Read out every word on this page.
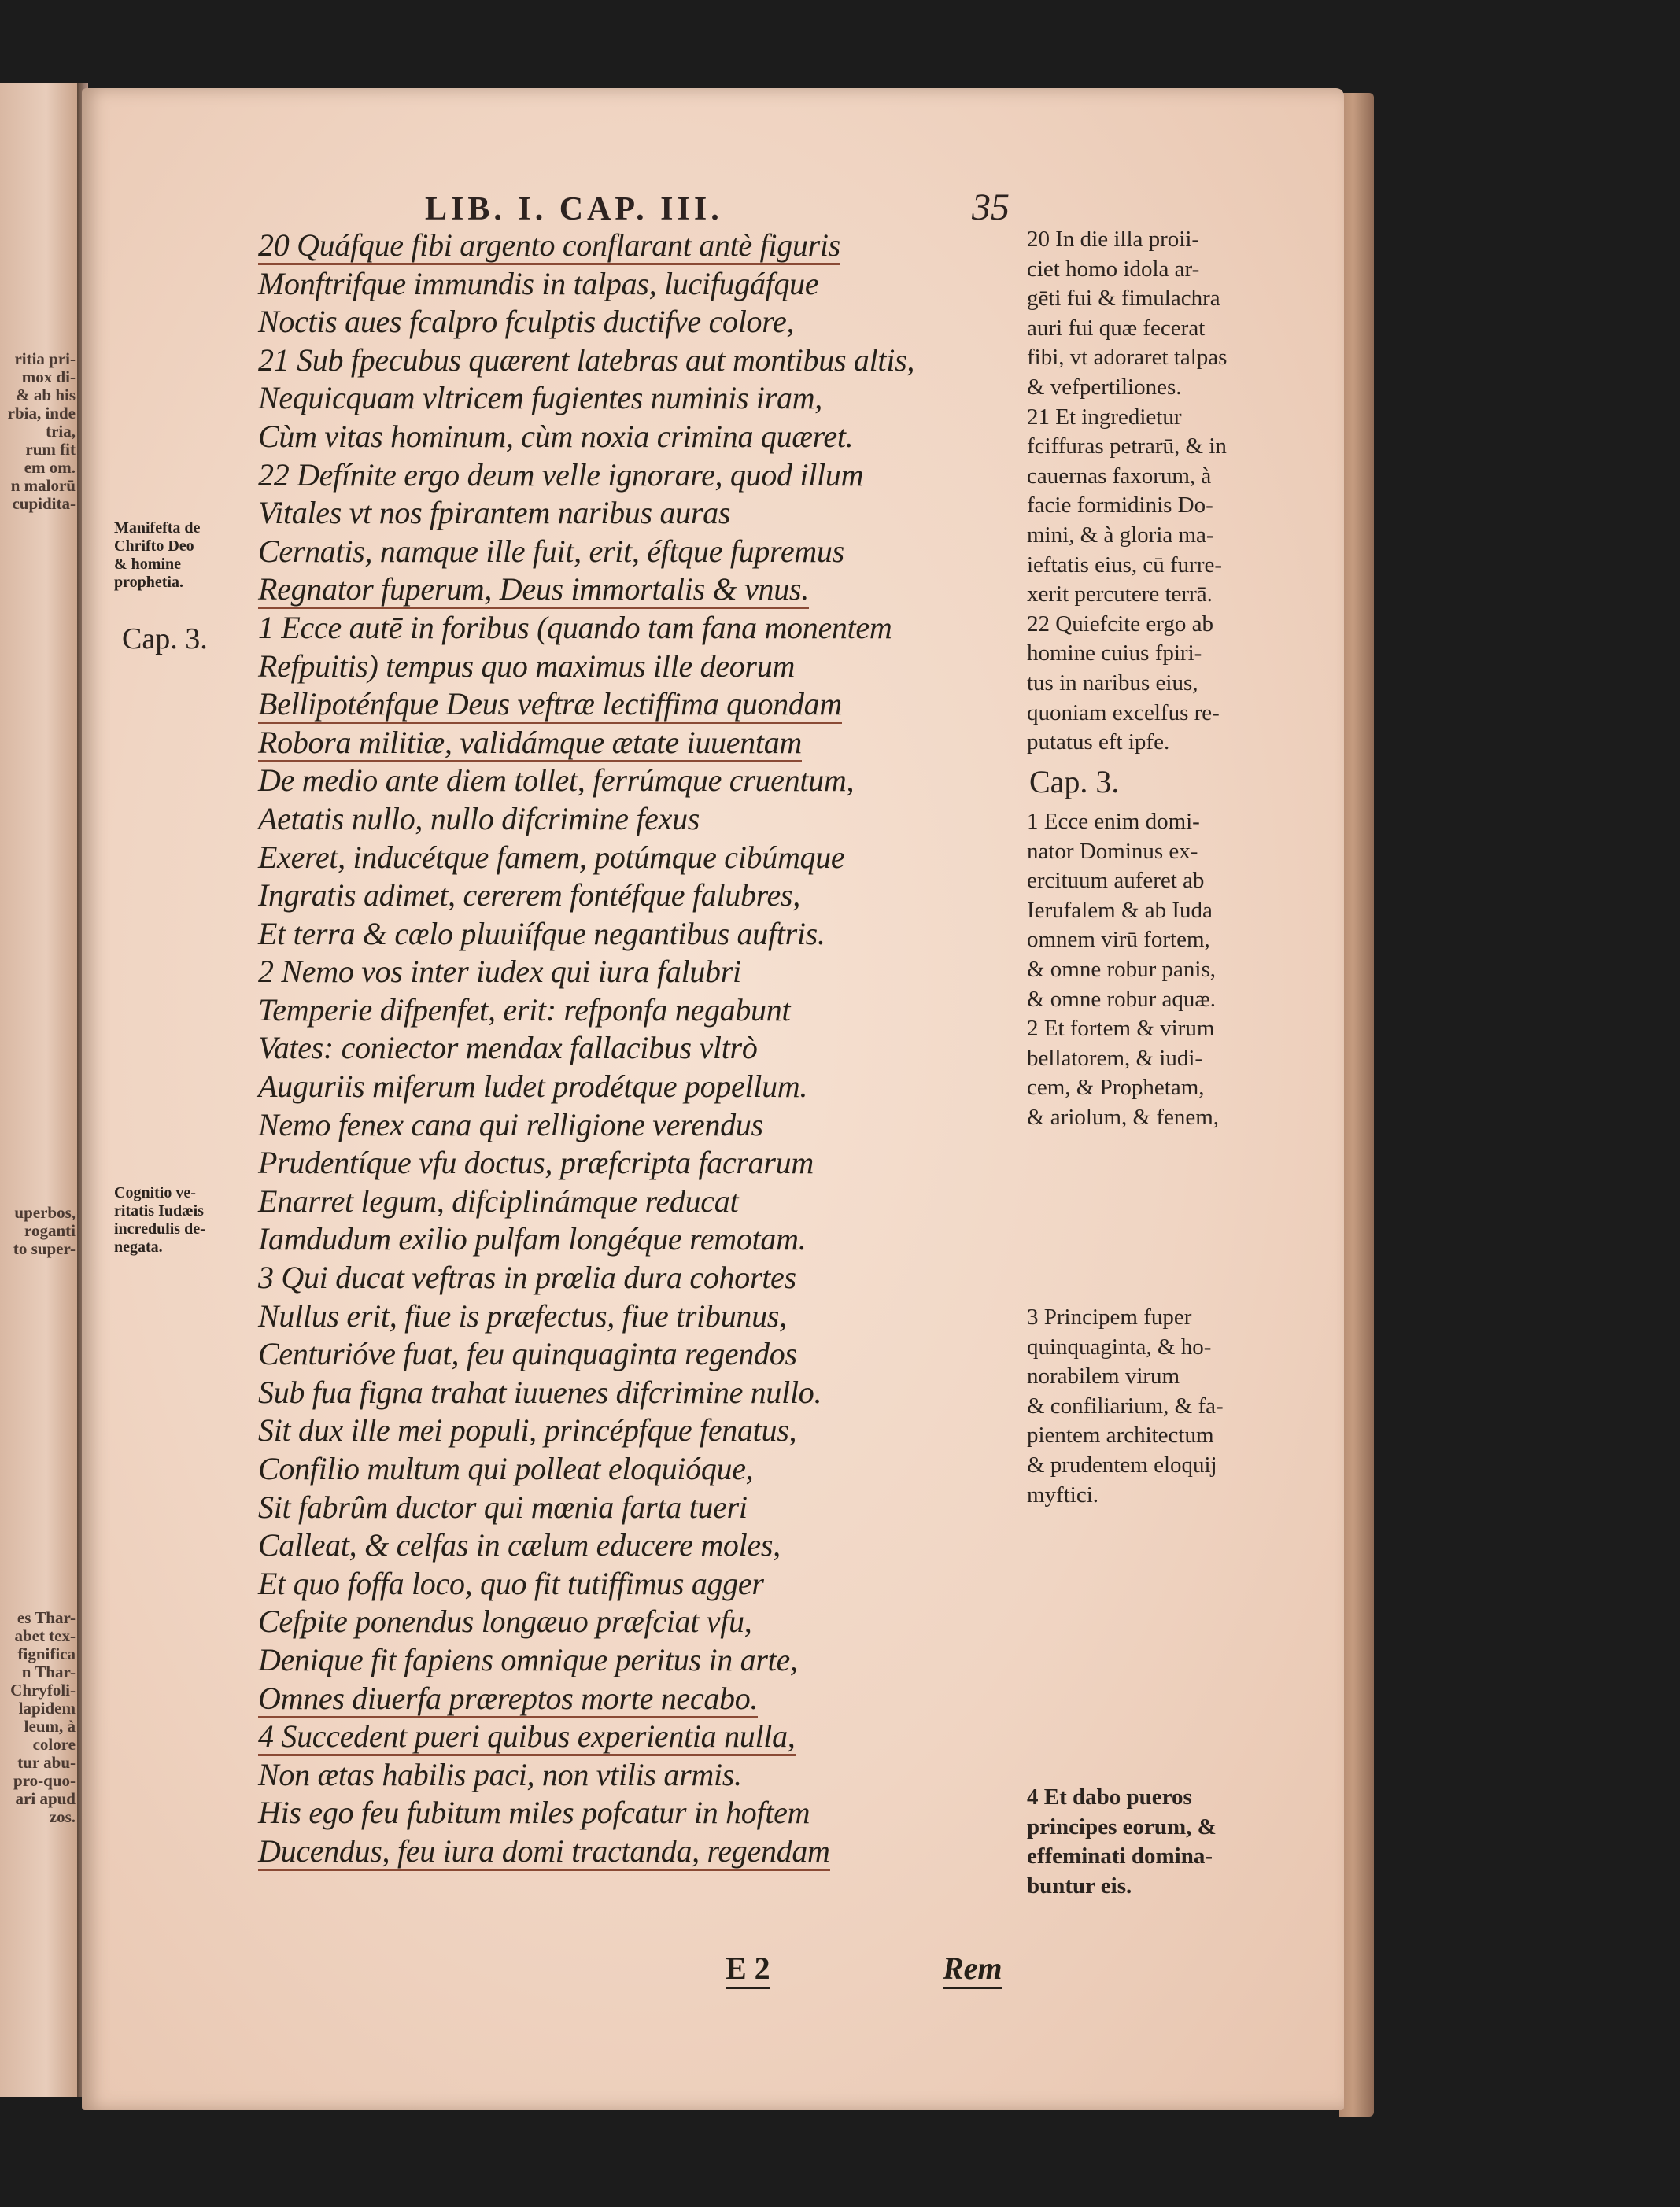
ritia pri-
mox di-
& ab his
rbia, inde
tria,
rum fit
em om.
n malorū
cupidita-
uperbos,
roganti
to super-
es Thar-
abet tex-
fignifica
n Thar-
Chryfoli-
lapidem
leum, à
colore
tur abu-
pro-quo-
ari apud
zos.
LIB. I. CAP. III.	35
20 Quáfque fibi argento conflarant antè figuris
Monftrifque immundis in talpas, lucifugáfque
Noctis aues fcalpro fculptis ductifve colore,
21 Sub fpecubus quærent latebras aut montibus altis,
Nequicquam vltricem fugientes numinis iram,
Cùm vitas hominum, cùm noxia crimina quæret.
22 Defínite ergo deum velle ignorare, quod illum
Vitales vt nos fpirantem naribus auras
Cernatis, namque ille fuit, erit, éftque fupremus
Regnator fuperum, Deus immortalis & vnus.
1 Ecce autē in foribus (quando tam fana monentem
Refpuitis) tempus quo maximus ille deorum
Bellipoténfque Deus veftræ lectiffima quondam
Robora militiæ, validámque ætate iuuentam
De medio ante diem tollet, ferrúmque cruentum,
Aetatis nullo, nullo difcrimine fexus
Exeret, inducétque famem, potúmque cibúmque
Ingratis adimet, cererem fontéfque falubres,
Et terra & cælo pluuiífque negantibus auftris.
2 Nemo vos inter iudex qui iura falubri
Temperie difpenfet, erit: refponfa negabunt
Vates: coniector mendax fallacibus vltrò
Auguriis miferum ludet prodétque popellum.
Nemo fenex cana qui relligione verendus
Prudentíque vfu doctus, præfcripta facrarum
Enarret legum, difciplinámque reducat
Iamdudum exilio pulfam longéque remotam.
3 Qui ducat veftras in prœlia dura cohortes
Nullus erit, fiue is præfectus, fiue tribunus,
Centurióve fuat, feu quinquaginta regendos
Sub fua figna trahat iuuenes difcrimine nullo.
Sit dux ille mei populi, princépfque fenatus,
Confilio multum qui polleat eloquióque,
Sit fabrûm ductor qui mœnia farta tueri
Calleat, & celfas in cælum educere moles,
Et quo foffa loco, quo fit tutiffimus agger
Cefpite ponendus longæuo præfciat vfu,
Denique fit fapiens omnique peritus in arte,
Omnes diuerfa præreptos morte necabo.
4 Succedent pueri quibus experientia nulla,
Non ætas habilis paci, non vtilis armis.
His ego feu fubitum miles pofcatur in hoftem
Ducendus, feu iura domi tractanda, regendam
Manifefta de
Chrifto Deo
& homine
prophetia.
Cap. 3.
Cognitio ve-
ritatis Iudæis
incredulis de-
negata.
20 In die illa proii-
ciet homo idola ar-
gēti fui & fimulachra
auri fui quæ fecerat
fibi, vt adoraret talpas
& vefpertiliones.
21 Et ingredietur
fciffuras petrarū, & in
cauernas faxorum, à
facie formidinis Do-
mini, & à gloria ma-
ieftatis eius, cū furre-
xerit percutere terrā.
22 Quiefcite ergo ab
homine cuius fpiri-
tus in naribus eius,
quoniam excelfus re-
putatus eft ipfe.
Cap. 3.
1 Ecce enim domi-
nator Dominus ex-
ercituum auferet ab
Ierufalem & ab Iuda
omnem virū fortem,
& omne robur panis,
& omne robur aquæ.
2 Et fortem & virum
bellatorem, & iudi-
cem, & Prophetam,
& ariolum, & fenem,
3 Principem fuper
quinquaginta, & ho-
norabilem virum
& confiliarium, & fa-
pientem architectum
& prudentem eloquij
myftici.
4 Et dabo pueros
principes eorum, &
effeminati domina-
buntur eis.
E 2	Rem
